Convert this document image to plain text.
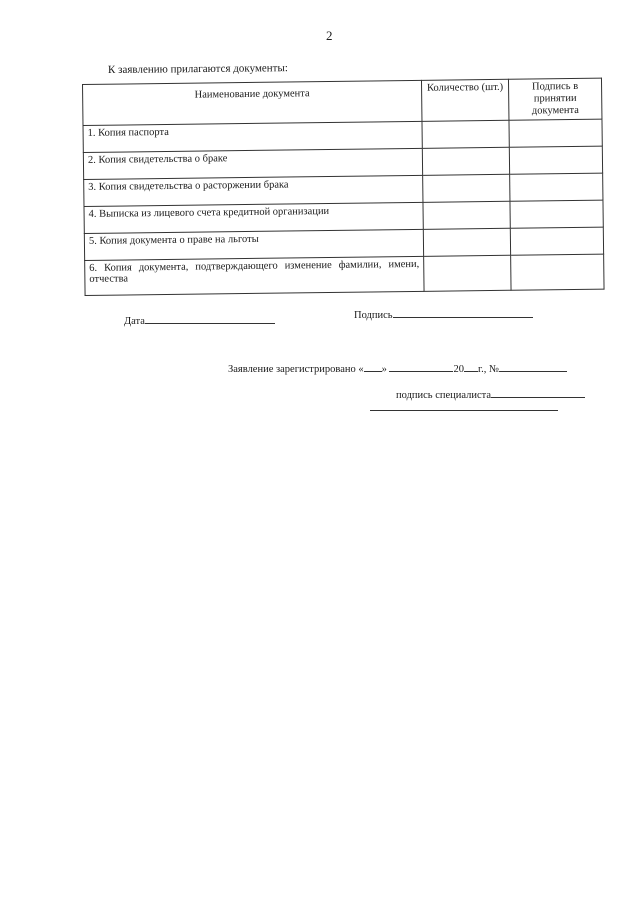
2
К заявлению прилагаются документы:
Наименование документа	Количество (шт.)	Подпись в принятии документа
1. Копия паспорта		
2. Копия свидетельства о браке		
3. Копия свидетельства о расторжении брака		
4. Выписка из лицевого счета кредитной организации		
5. Копия документа о праве на льготы		
6. Копия документа, подтверждающего изменение фамилии, имени, отчества		
Дата
Подпись
Заявление зарегистрировано « »	20 г., №
подпись специалиста
